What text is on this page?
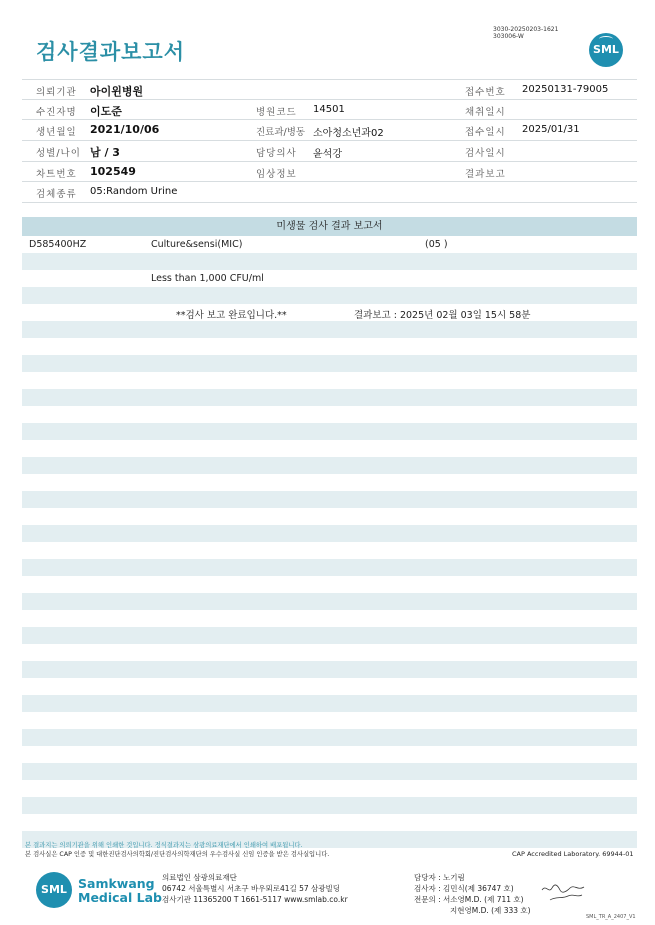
검사결과보고서
3030-20250203-1621
303006-W
SML
의뢰기관 아이윈병원	접수번호 20250131-79005
수진자명 이도준	병원코드 14501	채취일시
생년월일 2021/10/06	진료과/병동 소아청소년과02	접수일시 2025/01/31
성별/나이 남 / 3	담당의사 윤석강	검사일시
차트번호 102549	임상정보	결과보고
검체종류 05:Random Urine
미생물 검사 결과 보고서
D585400HZ	Culture&sensi(MIC)	(05 )
Less than 1,000 CFU/ml
**검사 보고 완료입니다.**	결과보고 : 2025년 02월 03일 15시 58분
본 결과지는 의뢰기관을 위해 인쇄한 것입니다. 정식결과지는 삼광의료재단에서 인쇄하여 배포됩니다.
본 검사실은 CAP 인증 및 대한진단검사의학회/진단검사의학재단의 우수검사실 신임 인증을 받은 검사실입니다.	CAP Accredited Laboratory. 69944-01
SML Samkwang
Medical Lab
의료법인 삼광의료재단
06742 서울특별시 서초구 바우뫼로41길 57 삼광빌딩
검사기관 11365200 T 1661-5117 www.smlab.co.kr
담당자 : 노기림
검사자 : 김민식(제 36747 호)
전문의 : 서소영M.D. (제 711 호)
지현영M.D. (제 333 호)
SML_TR_A_2407_V1
